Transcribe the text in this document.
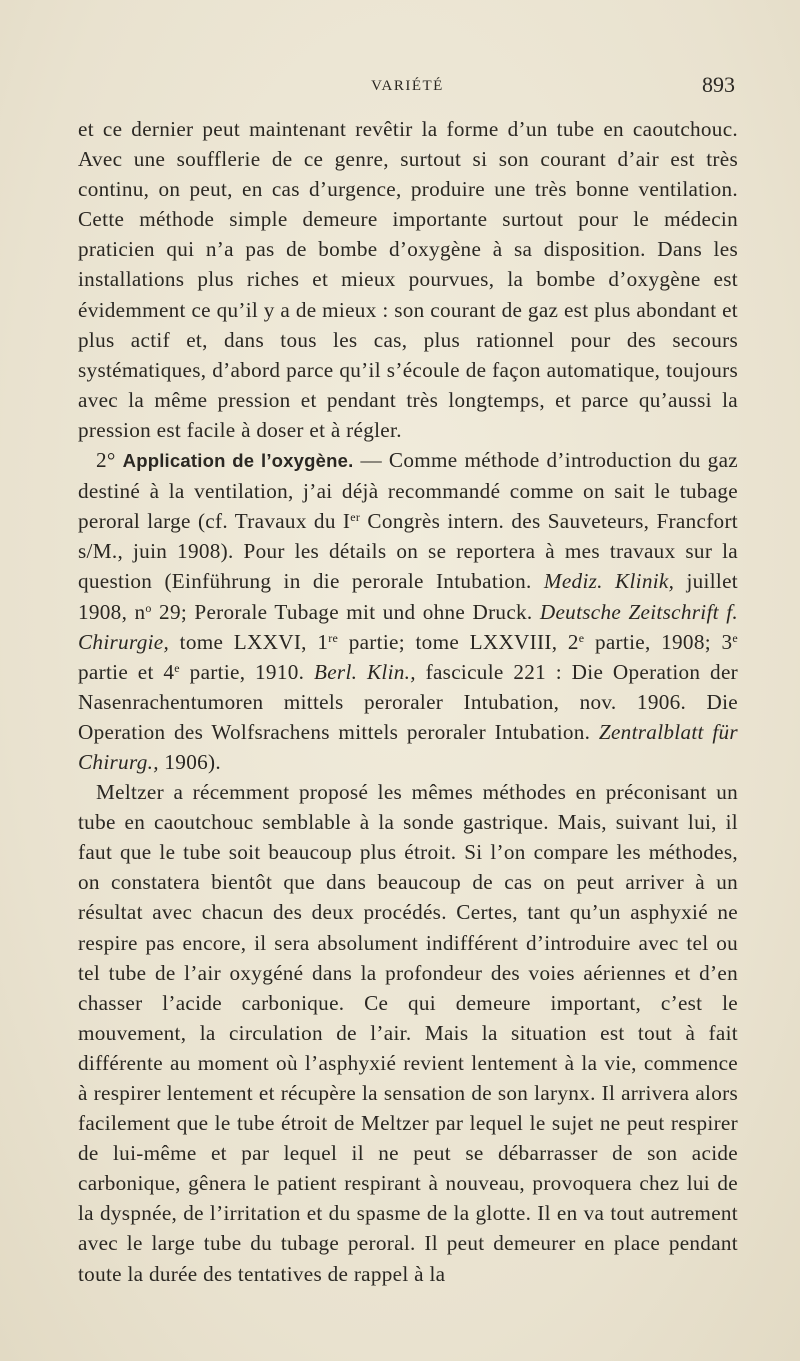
VARIÉTÉ	893

et ce dernier peut maintenant revêtir la forme d’un tube en caoutchouc. Avec une soufflerie de ce genre, surtout si son courant d’air est très continu, on peut, en cas d’urgence, produire une très bonne ventilation. Cette méthode simple demeure importante surtout pour le médecin praticien qui n’a pas de bombe d’oxygène à sa disposition. Dans les installations plus riches et mieux pourvues, la bombe d’oxygène est évidemment ce qu’il y a de mieux : son courant de gaz est plus abondant et plus actif et, dans tous les cas, plus rationnel pour des secours systématiques, d’abord parce qu’il s’écoule de façon automatique, toujours avec la même pression et pendant très longtemps, et parce qu’aussi la pression est facile à doser et à régler.

2° Application de l’oxygène. — Comme méthode d’introduction du gaz destiné à la ventilation, j’ai déjà recommandé comme on sait le tubage peroral large (cf. Travaux du Ier Congrès intern. des Sauveteurs, Francfort s/M., juin 1908). Pour les détails on se reportera à mes travaux sur la question (Einführung in die perorale Intubation. Mediz. Klinik, juillet 1908, $n^o$ 29; Perorale Tubage mit und ohne Druck. Deutsche Zeitschrift f. Chirurgie, tome LXXVI, 1re partie; tome LXXVIII, 2e partie, 1908; 3e partie et 4e partie, 1910. Berl. Klin., fascicule 221 : Die Operation der Nasenrachentumoren mittels peroraler Intubation, nov. 1906. Die Operation des Wolfsrachens mittels peroraler Intubation. Zentralblatt für Chirurg., 1906).

Meltzer a récemment proposé les mêmes méthodes en préconisant un tube en caoutchouc semblable à la sonde gastrique. Mais, suivant lui, il faut que le tube soit beaucoup plus étroit. Si l’on compare les méthodes, on constatera bientôt que dans beaucoup de cas on peut arriver à un résultat avec chacun des deux procédés. Certes, tant qu’un asphyxié ne respire pas encore, il sera absolument indifférent d’introduire avec tel ou tel tube de l’air oxygéné dans la profondeur des voies aériennes et d’en chasser l’acide carbonique. Ce qui demeure important, c’est le mouvement, la circulation de l’air. Mais la situation est tout à fait différente au moment où l’asphyxié revient lentement à la vie, commence à respirer lentement et récupère la sensation de son larynx. Il arrivera alors facilement que le tube étroit de Meltzer par lequel le sujet ne peut respirer de lui-même et par lequel il ne peut se débarrasser de son acide carbonique, gênera le patient respirant à nouveau, provoquera chez lui de la dyspnée, de l’irritation et du spasme de la glotte. Il en va tout autrement avec le large tube du tubage peroral. Il peut demeurer en place pendant toute la durée des tentatives de rappel à la
